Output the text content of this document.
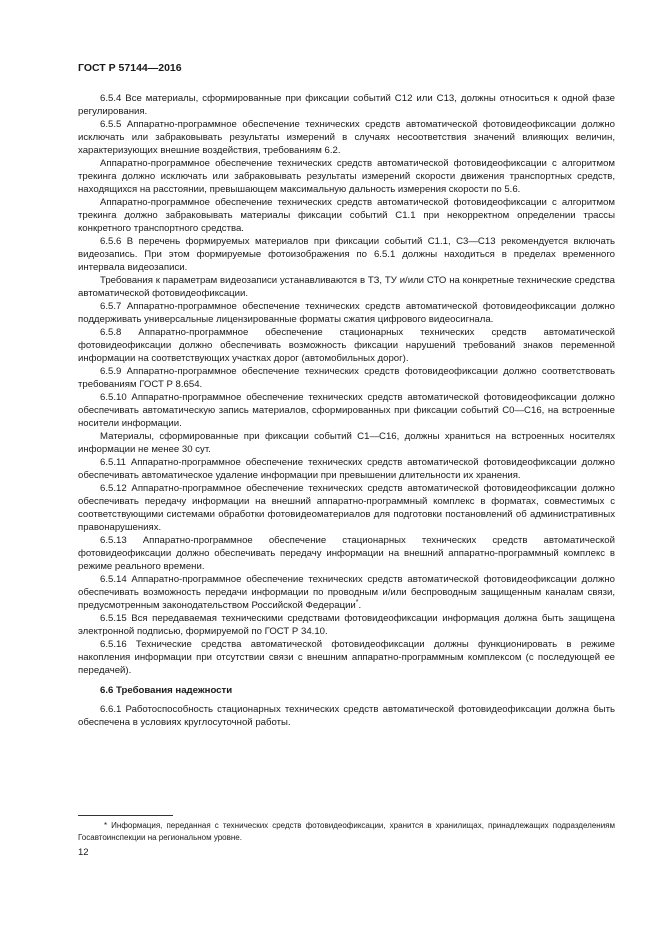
ГОСТ Р 57144—2016

6.5.4 Все материалы, сформированные при фиксации событий С12 или С13, должны относиться к одной фазе регулирования.

6.5.5 Аппаратно-программное обеспечение технических средств автоматической фотовидеофиксации должно исключать или забраковывать результаты измерений в случаях несоответствия значений влияющих величин, характеризующих внешние воздействия, требованиям 6.2.

Аппаратно-программное обеспечение технических средств автоматической фотовидеофиксации с алгоритмом трекинга должно исключать или забраковывать результаты измерений скорости движения транспортных средств, находящихся на расстоянии, превышающем максимальную дальность измерения скорости по 5.6.

Аппаратно-программное обеспечение технических средств автоматической фотовидеофиксации с алгоритмом трекинга должно забраковывать материалы фиксации событий С1.1 при некорректном определении трассы конкретного транспортного средства.

6.5.6 В перечень формируемых материалов при фиксации событий С1.1, С3—С13 рекомендуется включать видеозапись. При этом формируемые фотоизображения по 6.5.1 должны находиться в пределах временного интервала видеозаписи.

Требования к параметрам видеозаписи устанавливаются в ТЗ, ТУ и/или СТО на конкретные технические средства автоматической фотовидеофиксации.

6.5.7 Аппаратно-программное обеспечение технических средств автоматической фотовидеофиксации должно поддерживать универсальные лицензированные форматы сжатия цифрового видеосигнала.

6.5.8 Аппаратно-программное обеспечение стационарных технических средств автоматической фотовидеофиксации должно обеспечивать возможность фиксации нарушений требований знаков переменной информации на соответствующих участках дорог (автомобильных дорог).

6.5.9 Аппаратно-программное обеспечение технических средств фотовидеофиксации должно соответствовать требованиям ГОСТ Р 8.654.

6.5.10 Аппаратно-программное обеспечение технических средств автоматической фотовидеофиксации должно обеспечивать автоматическую запись материалов, сформированных при фиксации событий С0—С16, на встроенные носители информации.

Материалы, сформированные при фиксации событий С1—С16, должны храниться на встроенных носителях информации не менее 30 сут.

6.5.11 Аппаратно-программное обеспечение технических средств автоматической фотовидеофиксации должно обеспечивать автоматическое удаление информации при превышении длительности их хранения.

6.5.12 Аппаратно-программное обеспечение технических средств автоматической фотовидеофиксации должно обеспечивать передачу информации на внешний аппаратно-программный комплекс в форматах, совместимых с соответствующими системами обработки фотовидеоматериалов для подготовки постановлений об административных правонарушениях.

6.5.13 Аппаратно-программное обеспечение стационарных технических средств автоматической фотовидеофиксации должно обеспечивать передачу информации на внешний аппаратно-программный комплекс в режиме реального времени.

6.5.14 Аппаратно-программное обеспечение технических средств автоматической фотовидеофиксации должно обеспечивать возможность передачи информации по проводным и/или беспроводным защищенным каналам связи, предусмотренным законодательством Российской Федерации*.

6.5.15 Вся передаваемая техническими средствами фотовидеофиксации информация должна быть защищена электронной подписью, формируемой по ГОСТ Р 34.10.

6.5.16 Технические средства автоматической фотовидеофиксации должны функционировать в режиме накопления информации при отсутствии связи с внешним аппаратно-программным комплексом (с последующей ее передачей).

6.6 Требования надежности

6.6.1 Работоспособность стационарных технических средств автоматической фотовидеофиксации должна быть обеспечена в условиях круглосуточной работы.

* Информация, переданная с технических средств фотовидеофиксации, хранится в хранилищах, принадлежащих подразделениям Госавтоинспекции на региональном уровне.

12
